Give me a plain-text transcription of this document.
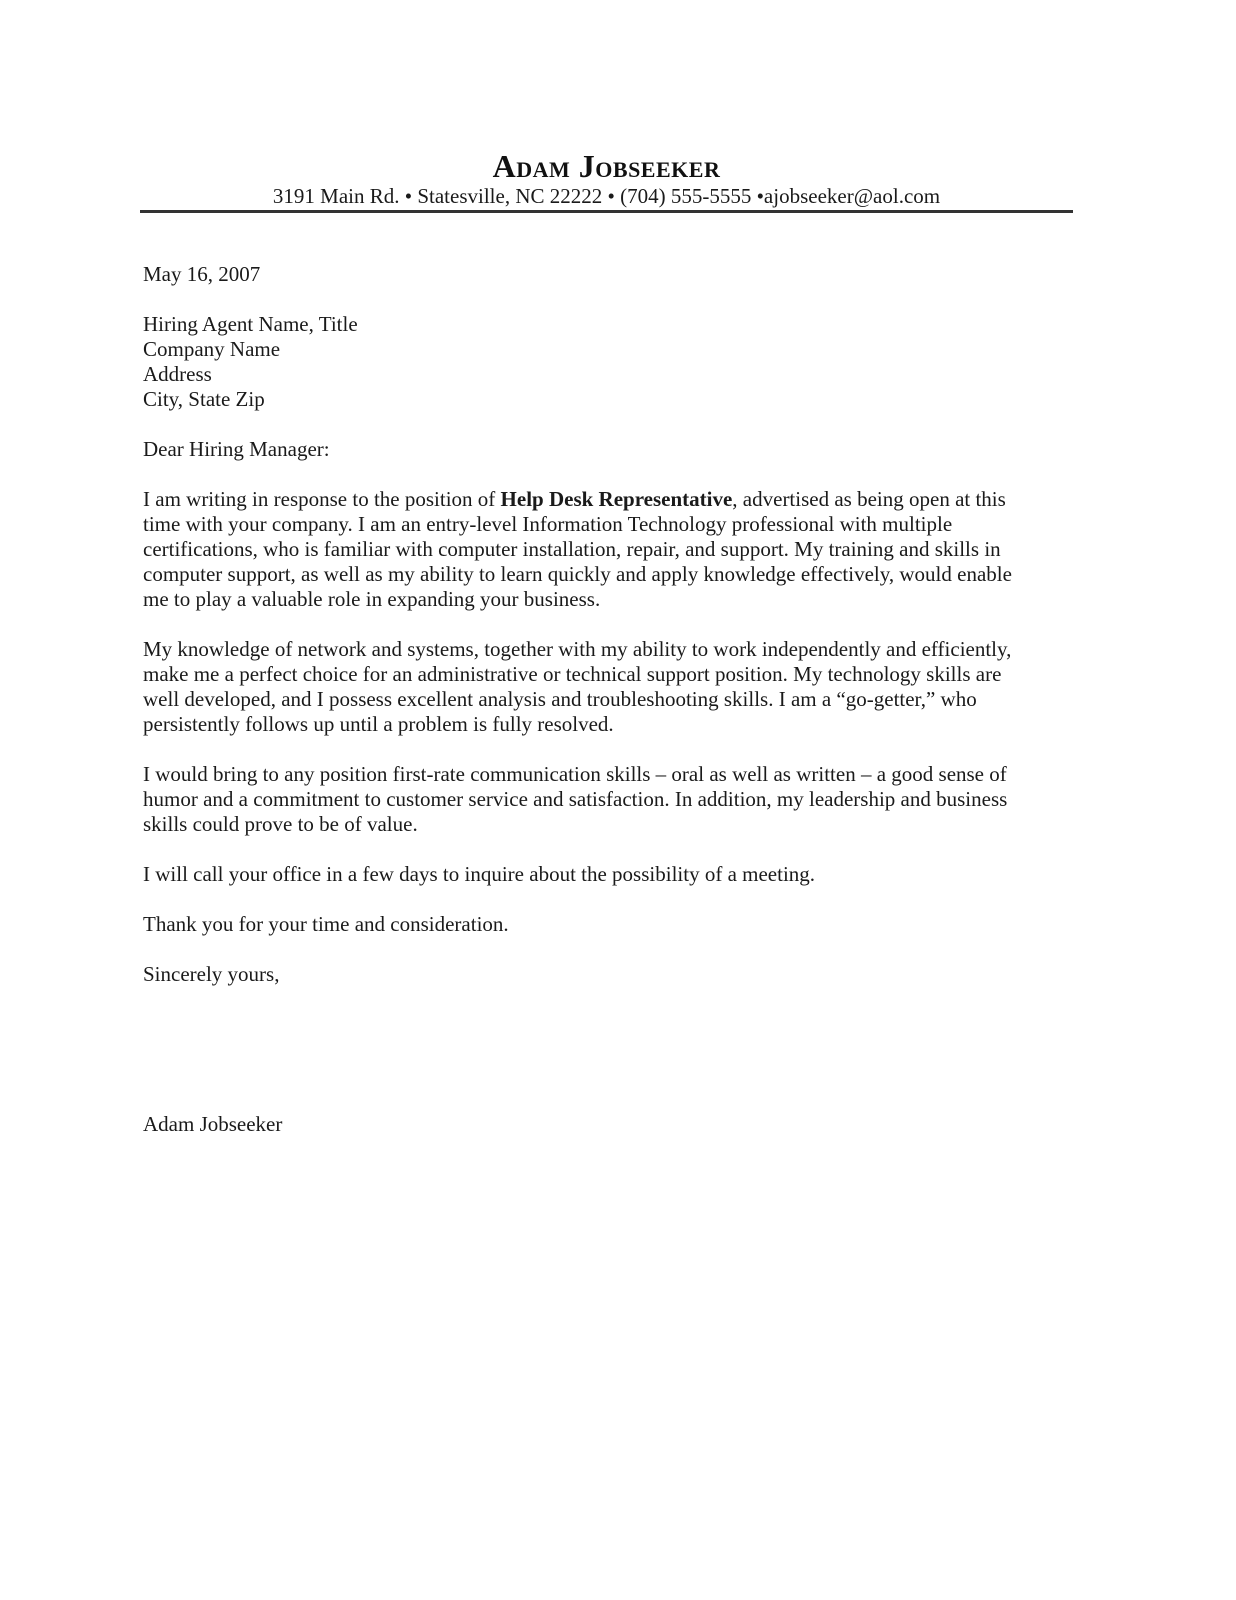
Adam Jobseeker
3191 Main Rd. • Statesville, NC 22222 • (704) 555-5555 •ajobseeker@aol.com

May 16, 2007

Hiring Agent Name, Title
Company Name
Address
City, State Zip

Dear Hiring Manager:

I am writing in response to the position of Help Desk Representative, advertised as being open at this
time with your company. I am an entry-level Information Technology professional with multiple
certifications, who is familiar with computer installation, repair, and support. My training and skills in
computer support, as well as my ability to learn quickly and apply knowledge effectively, would enable
me to play a valuable role in expanding your business.

My knowledge of network and systems, together with my ability to work independently and efficiently,
make me a perfect choice for an administrative or technical support position. My technology skills are
well developed, and I possess excellent analysis and troubleshooting skills. I am a “go-getter,” who
persistently follows up until a problem is fully resolved.

I would bring to any position first-rate communication skills – oral as well as written – a good sense of
humor and a commitment to customer service and satisfaction. In addition, my leadership and business
skills could prove to be of value.

I will call your office in a few days to inquire about the possibility of a meeting.

Thank you for your time and consideration.

Sincerely yours,

Adam Jobseeker
